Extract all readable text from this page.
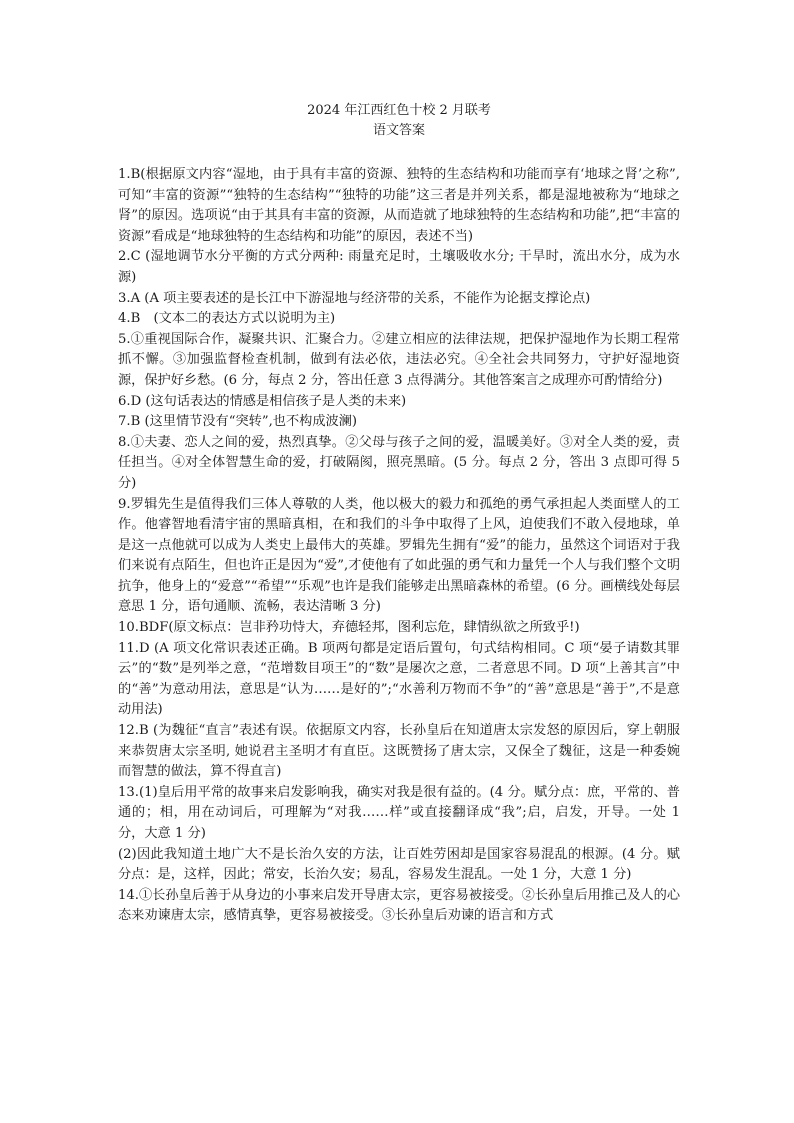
2024 年江西红色十校 2 月联考

语文答案

1.B(根据原文内容“湿地，由于具有丰富的资源、独特的生态结构和功能而享有‘地球之肾’之称”,可知“丰富的资源”“独特的生态结构”“独特的功能”这三者是并列关系，都是湿地被称为“地球之肾”的原因。选项说“由于其具有丰富的资源，从而造就了地球独特的生态结构和功能”,把“丰富的资源”看成是“地球独特的生态结构和功能”的原因，表述不当)
2.C (湿地调节水分平衡的方式分两种: 雨量充足时，土壤吸收水分; 干旱时，流出水分，成为水源)
3.A (A 项主要表述的是长江中下游湿地与经济带的关系，不能作为论据支撑论点)
4.B　(文本二的表达方式以说明为主)
5.①重视国际合作，凝聚共识、汇聚合力。②建立相应的法律法规，把保护湿地作为长期工程常抓不懈。③加强监督检查机制，做到有法必依，违法必究。④全社会共同努力，守护好湿地资源，保护好乡愁。(6 分，每点 2 分，答出任意 3 点得满分。其他答案言之成理亦可酌情给分)
6.D (这句话表达的情感是相信孩子是人类的未来)
7.B (这里情节没有“突转”,也不构成波澜)
8.①夫妻、恋人之间的爱，热烈真挚。②父母与孩子之间的爱，温暖美好。③对全人类的爱，责任担当。④对全体智慧生命的爱，打破隔阂，照亮黑暗。(5 分。每点 2 分，答出 3 点即可得 5 分)
9.罗辑先生是值得我们三体人尊敬的人类，他以极大的毅力和孤绝的勇气承担起人类面壁人的工作。他睿智地看清宇宙的黑暗真相，在和我们的斗争中取得了上风，迫使我们不敢入侵地球，单是这一点他就可以成为人类史上最伟大的英雄。罗辑先生拥有“爱”的能力，虽然这个词语对于我们来说有点陌生，但也许正是因为“爱”,才使他有了如此强的勇气和力量凭一个人与我们整个文明抗争，他身上的“爱意”“希望”“乐观”也许是我们能够走出黑暗森林的希望。(6 分。画横线处每层意思 1 分，语句通顺、流畅，表达清晰 3 分)
10.BDF(原文标点：岂非矜功恃大，弃德轻邦，图利忘危，肆情纵欲之所致乎!)
11.D (A 项文化常识表述正确。B 项两句都是定语后置句，句式结构相同。C 项“晏子请数其罪云”的“数”是列举之意，“范增数目项王”的“数”是屡次之意，二者意思不同。D 项“上善其言”中的“善”为意动用法，意思是“认为……是好的”;“水善利万物而不争”的“善”意思是“善于”,不是意动用法)
12.B (为魏征“直言”表述有误。依据原文内容，长孙皇后在知道唐太宗发怒的原因后，穿上朝服来恭贺唐太宗圣明, 她说君主圣明才有直臣。这既赞扬了唐太宗，又保全了魏征，这是一种委婉而智慧的做法，算不得直言)
13.(1)皇后用平常的故事来启发影响我，确实对我是很有益的。(4 分。赋分点：庶，平常的、普通的；相，用在动词后，可理解为“对我……样”或直接翻译成“我”;启，启发，开导。一处 1 分，大意 1 分)
(2)因此我知道土地广大不是长治久安的方法，让百姓劳困却是国家容易混乱的根源。(4 分。赋分点：是，这样，因此；常安，长治久安；易乱，容易发生混乱。一处 1 分，大意 1 分)
14.①长孙皇后善于从身边的小事来启发开导唐太宗，更容易被接受。②长孙皇后用推己及人的心态来劝谏唐太宗，感情真挚，更容易被接受。③长孙皇后劝谏的语言和方式
